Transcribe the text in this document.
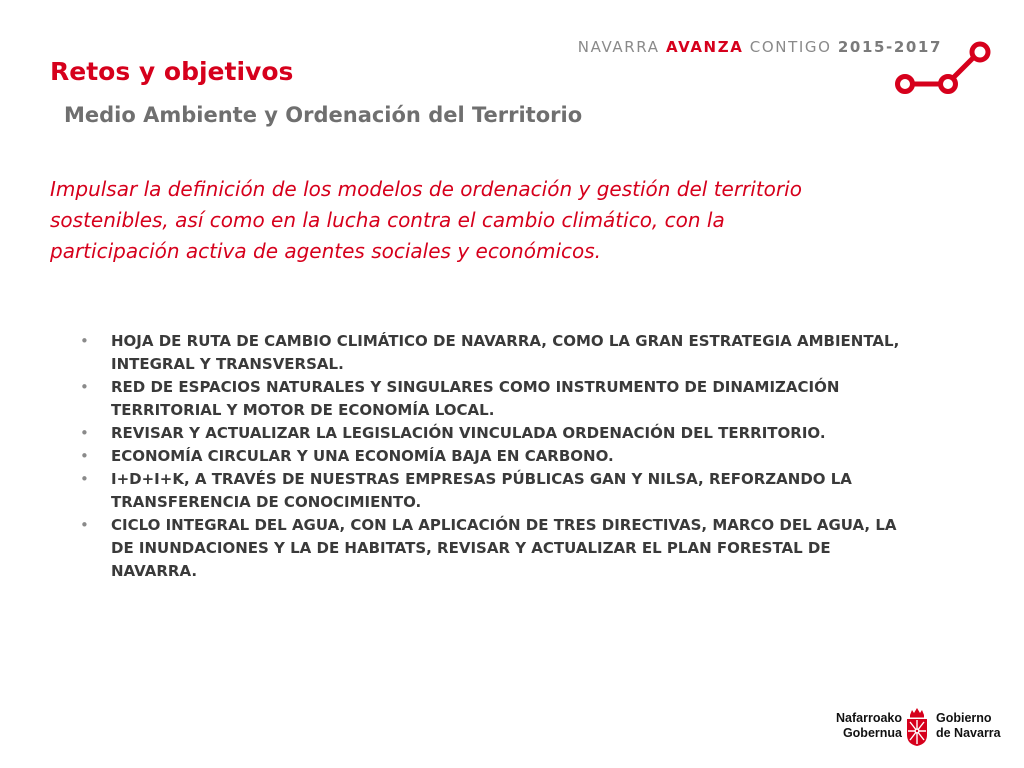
NAVARRA AVANZA CONTIGO 2015-2017
Retos y objetivos
Medio Ambiente y Ordenación del Territorio

Impulsar la definición de los modelos de ordenación y gestión del territorio sostenibles, así como en la lucha contra el cambio climático, con la participación activa de agentes sociales y económicos.

• HOJA DE RUTA DE CAMBIO CLIMÁTICO DE NAVARRA, COMO LA GRAN ESTRATEGIA AMBIENTAL, INTEGRAL Y TRANSVERSAL.
• RED DE ESPACIOS NATURALES Y SINGULARES COMO INSTRUMENTO DE DINAMIZACIÓN TERRITORIAL Y MOTOR DE ECONOMÍA LOCAL.
• REVISAR Y ACTUALIZAR LA LEGISLACIÓN VINCULADA ORDENACIÓN DEL TERRITORIO.
• ECONOMÍA CIRCULAR Y UNA ECONOMÍA BAJA EN CARBONO.
• I+D+I+K, A TRAVÉS DE NUESTRAS EMPRESAS PÚBLICAS GAN Y NILSA, REFORZANDO LA TRANSFERENCIA DE CONOCIMIENTO.
• CICLO INTEGRAL DEL AGUA, CON LA APLICACIÓN DE TRES DIRECTIVAS, MARCO DEL AGUA, LA DE INUNDACIONES Y LA DE HABITATS, REVISAR Y ACTUALIZAR EL PLAN FORESTAL DE NAVARRA.
Nafarroako
Gobernua
Gobierno
de Navarra
